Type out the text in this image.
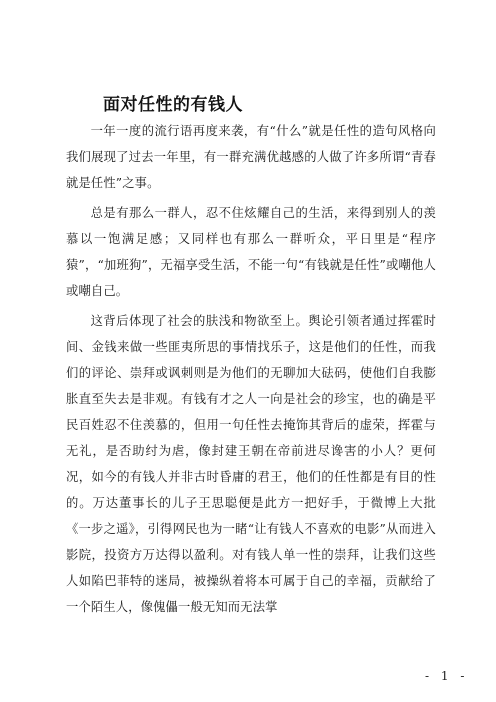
面对任性的有钱人

一年一度的流行语再度来袭，有“什么”就是任性的造句风格向我们展现了过去一年里，有一群充满优越感的人做了许多所谓“青春就是任性”之事。

总是有那么一群人，忍不住炫耀自己的生活，来得到别人的羡慕以一饱满足感；又同样也有那么一群听众，平日里是“程序猿”，“加班狗”，无福享受生活，不能一句“有钱就是任性”或嘲他人或嘲自己。

这背后体现了社会的肤浅和物欲至上。舆论引领者通过挥霍时间、金钱来做一些匪夷所思的事情找乐子，这是他们的任性，而我们的评论、崇拜或讽刺则是为他们的无聊加大砝码，使他们自我膨胀直至失去是非观。有钱有才之人一向是社会的珍宝，也的确是平民百姓忍不住羡慕的，但用一句任性去掩饰其背后的虚荣，挥霍与无礼，是否助纣为虐，像封建王朝在帝前进尽谗害的小人？更何况，如今的有钱人并非古时昏庸的君王，他们的任性都是有目的性的。万达董事长的儿子王思聪便是此方一把好手，于微博上大批《一步之遥》，引得网民也为一睹“让有钱人不喜欢的电影”从而进入影院，投资方万达得以盈利。对有钱人单一性的崇拜，让我们这些人如陷巴菲特的迷局，被操纵着将本可属于自己的幸福，贡献给了一个陌生人，像傀儡一般无知而无法掌

- 1 -
